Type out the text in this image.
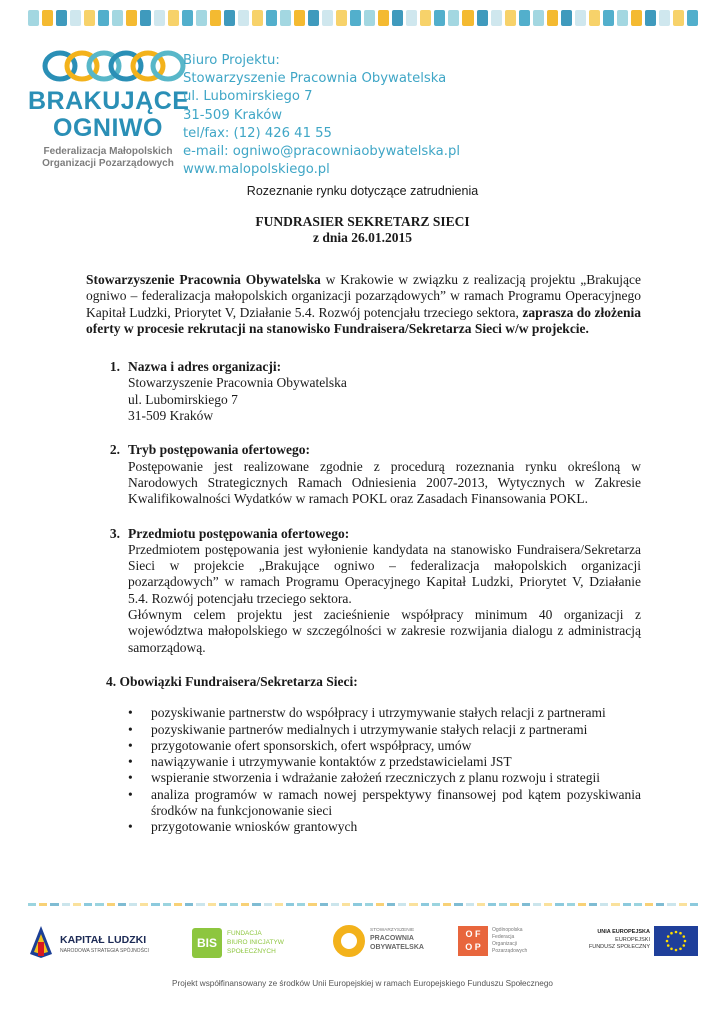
BRAKUJĄCE
OGNIWO
Federalizacja Małopolskich
Organizacji Pozarządowych
Biuro Projektu:
Stowarzyszenie Pracownia Obywatelska
ul. Lubomirskiego 7
31-509 Kraków
tel/fax: (12) 426 41 55
e-mail: ogniwo@pracowniaobywatelska.pl
www.malopolskiego.pl
Rozeznanie rynku dotyczące zatrudnienia
FUNDRASIER SEKRETARZ SIECI
z dnia 26.01.2015
Stowarzyszenie Pracownia Obywatelska w Krakowie w związku z realizacją projektu „Brakujące ogniwo – federalizacja małopolskich organizacji pozarządowych” w ramach Programu Operacyjnego Kapitał Ludzki, Priorytet V, Działanie 5.4. Rozwój potencjału trzeciego sektora, zaprasza do złożenia oferty w procesie rekrutacji na stanowisko Fundraisera/Sekretarza Sieci w/w projekcie.
1. Nazwa i adres organizacji:
Stowarzyszenie Pracownia Obywatelska
ul. Lubomirskiego 7
31-509 Kraków
2. Tryb postępowania ofertowego:
Postępowanie jest realizowane zgodnie z procedurą rozeznania rynku określoną w Narodowych Strategicznych Ramach Odniesienia 2007-2013, Wytycznych w Zakresie Kwalifikowalności Wydatków w ramach POKL oraz Zasadach Finansowania POKL.
3. Przedmiotu postępowania ofertowego:
Przedmiotem postępowania jest wyłonienie kandydata na stanowisko Fundraisera/Sekretarza Sieci w projekcie „Brakujące ogniwo – federalizacja małopolskich organizacji pozarządowych” w ramach Programu Operacyjnego Kapitał Ludzki, Priorytet V, Działanie 5.4. Rozwój potencjału trzeciego sektora.
Głównym celem projektu jest zacieśnienie współpracy minimum 40 organizacji z województwa małopolskiego w szczególności w zakresie rozwijania dialogu z administracją samorządową.
4. Obowiązki Fundraisera/Sekretarza Sieci:
• pozyskiwanie partnerstw do współpracy i utrzymywanie stałych relacji z partnerami
• pozyskiwanie partnerów medialnych i utrzymywanie stałych relacji z partnerami
• przygotowanie ofert sponsorskich, ofert współpracy, umów
• nawiązywanie i utrzymywanie kontaktów z przedstawicielami JST
• wspieranie stworzenia i wdrażanie założeń rzeczniczych z planu rozwoju i strategii
• analiza programów w ramach nowej perspektywy finansowej pod kątem pozyskiwania środków na funkcjonowanie sieci
• przygotowanie wniosków grantowych
KAPITAŁ LUDZKI
NARODOWA STRATEGIA SPÓJNOŚCI
BIS
FUNDACJA
BIURO INICJATYW
SPOŁECZNYCH
STOWARZYSZENIE
PRACOWNIA
OBYWATELSKA
O F
O P
Ogólnopolska
Federacja
Organizacji
Pozarządowych
UNIA EUROPEJSKA
EUROPEJSKI
FUNDUSZ SPOŁECZNY
Projekt współfinansowany ze środków Unii Europejskiej w ramach Europejskiego Funduszu Społecznego
